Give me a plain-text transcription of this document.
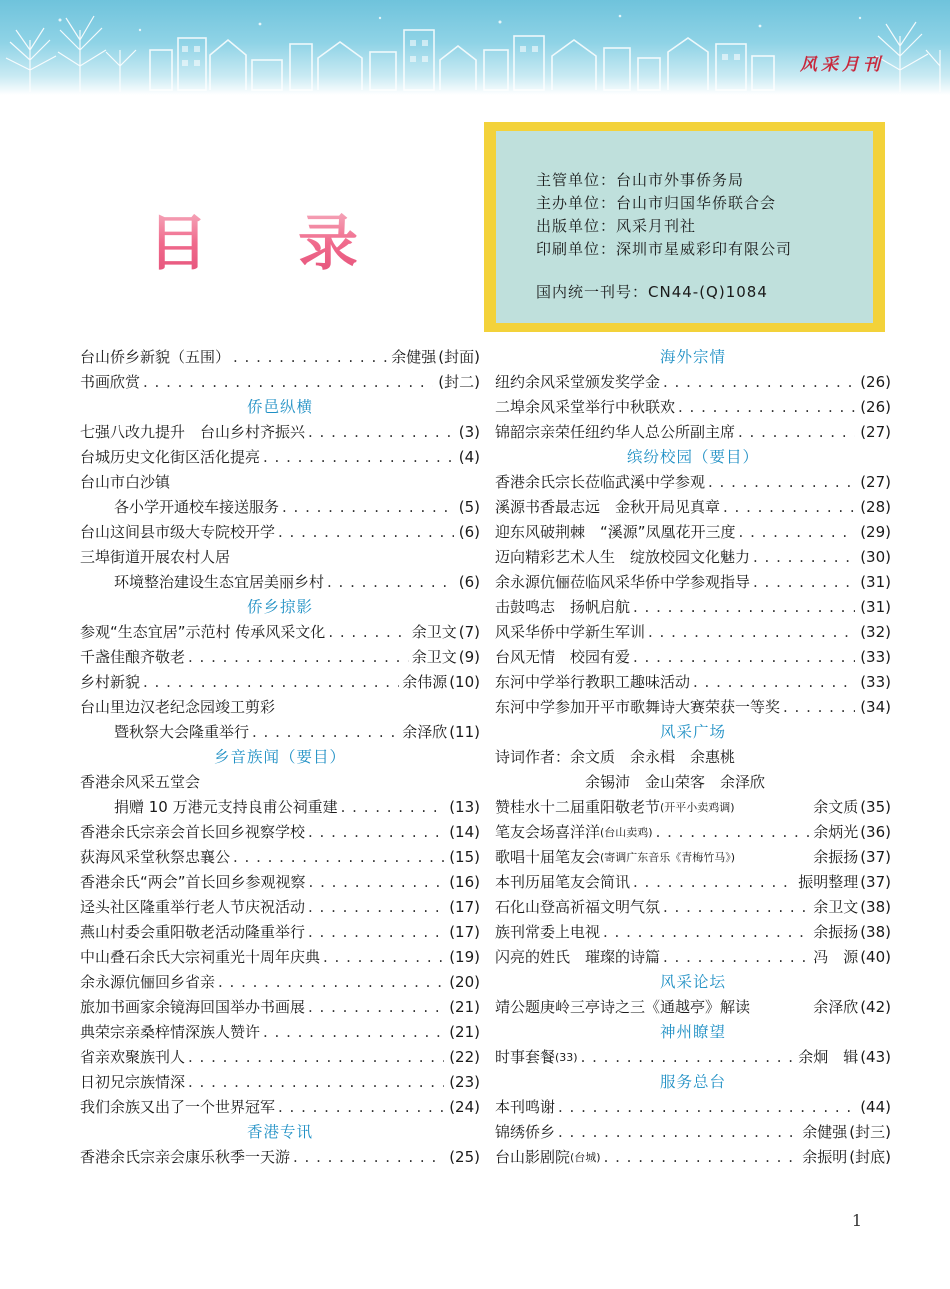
风采月刊
目录
主管单位：台山市外事侨务局
主办单位：台山市归国华侨联合会
出版单位：风采月刊社
印刷单位：深圳市星威彩印有限公司
国内统一刊号：CN44-(Q)1084
台山侨乡新貌（五围） . . .	余健强 (封面)
书画欣赏 . . .	(封二)
侨邑纵横
七强八改九提升　台山乡村齐振兴 . . .	(3)
台城历史文化街区活化提亮 . . .	(4)
台山市白沙镇
各小学开通校车接送服务 . . .	(5)
台山这间县市级大专院校开学 . . .	(6)
三埠街道开展农村人居
环境整治建设生态宜居美丽乡村 . . .	(6)
侨乡掠影
参观“生态宜居”示范村 传承风采文化 . . .	余卫文 (7)
千盏佳酿齐敬老 . . .	余卫文 (9)
乡村新貌 . . .	余伟源 (10)
台山里边汉老纪念园竣工剪彩
暨秋祭大会隆重举行 . . .	余泽欣 (11)
乡音族闻（要目）
香港余风采五堂会
捐赠 10 万港元支持良甫公祠重建 . . .	(13)
香港余氏宗亲会首长回乡视察学校 . . .	(14)
荻海风采堂秋祭忠襄公 . . .	(15)
香港余氏“两会”首长回乡参观视察 . . .	(16)
迳头社区隆重举行老人节庆祝活动 . . .	(17)
燕山村委会重阳敬老活动隆重举行 . . .	(17)
中山叠石余氏大宗祠重光十周年庆典 . . .	(19)
余永源伉俪回乡省亲 . . .	(20)
旅加书画家余镜海回国举办书画展 . . .	(21)
典荣宗亲桑梓情深族人赞许 . . .	(21)
省亲欢聚族刊人 . . .	(22)
日初兄宗族情深 . . .	(23)
我们余族又出了一个世界冠军 . . .	(24)
香港专讯
香港余氏宗亲会康乐秋季一天游 . . .	(25)
海外宗情
纽约余风采堂颁发奖学金 . . .	(26)
二埠余风采堂举行中秋联欢 . . .	(26)
锦韶宗亲荣任纽约华人总公所副主席 . . .	(27)
缤纷校园（要目）
香港余氏宗长莅临武溪中学参观 . . .	(27)
溪源书香最志远　金秋开局见真章 . . .	(28)
迎东风破荆棘　“溪源”凤凰花开三度 . . .	(29)
迈向精彩艺术人生　绽放校园文化魅力 . . .	(30)
余永源伉俪莅临风采华侨中学参观指导 . . .	(31)
击鼓鸣志　扬帆启航 . . .	(31)
风采华侨中学新生军训 . . .	(32)
台风无情　校园有爱 . . .	(33)
东河中学举行教职工趣味活动 . . .	(33)
东河中学参加开平市歌舞诗大赛荣获一等奖 . . .	(34)
风采广场
诗词作者：余文质　余永楫　余惠桃
余锡沛　金山荣客　余泽欣
赞桂水十二届重阳敬老节 (开平小卖鸡调)	余文质 (35)
笔友会场喜洋洋 (台山卖鸡) . . .	余炳光 (36)
歌唱十届笔友会 (寄调广东音乐《青梅竹马》)	余振扬 (37)
本刊历届笔友会简讯 . . .	振明整理 (37)
石化山登高祈福文明气氛 . . .	余卫文 (38)
族刊常委上电视 . . .	余振扬 (38)
闪亮的姓氏　璀璨的诗篇 . . .	冯　源 (40)
风采论坛
靖公题庚岭三亭诗之三《通越亭》解读	余泽欣 (42)
神州瞭望
时事套餐 (33) . . .	余炯　辑 (43)
服务总台
本刊鸣谢 . . .	(44)
锦绣侨乡 . . .	余健强 (封三)
台山影剧院 (台城) . . .	余振明 (封底)
1
